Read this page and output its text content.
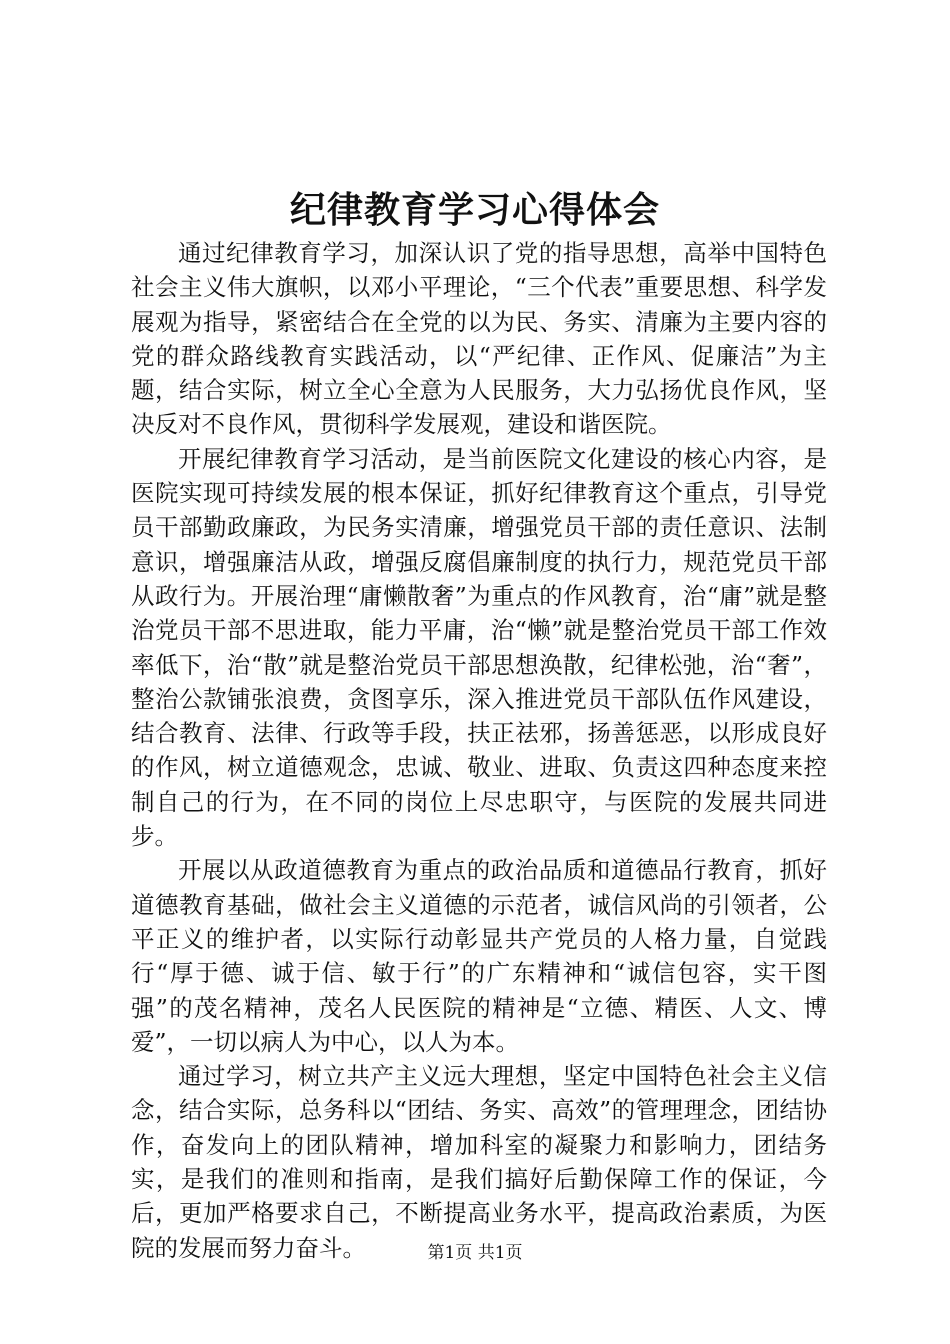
纪律教育学习心得体会

通过纪律教育学习，加深认识了党的指导思想，高举中国特色社会主义伟大旗帜，以邓小平理论，“三个代表”重要思想、科学发展观为指导，紧密结合在全党的以为民、务实、清廉为主要内容的党的群众路线教育实践活动，以“严纪律、正作风、促廉洁”为主题，结合实际，树立全心全意为人民服务，大力弘扬优良作风，坚决反对不良作风，贯彻科学发展观，建设和谐医院。

开展纪律教育学习活动，是当前医院文化建设的核心内容，是医院实现可持续发展的根本保证，抓好纪律教育这个重点，引导党员干部勤政廉政，为民务实清廉，增强党员干部的责任意识、法制意识，增强廉洁从政，增强反腐倡廉制度的执行力，规范党员干部从政行为。开展治理“庸懒散奢”为重点的作风教育，治“庸”就是整治党员干部不思进取，能力平庸，治“懒”就是整治党员干部工作效率低下，治“散”就是整治党员干部思想涣散，纪律松弛，治“奢”，整治公款铺张浪费，贪图享乐，深入推进党员干部队伍作风建设，结合教育、法律、行政等手段，扶正祛邪，扬善惩恶，以形成良好的作风，树立道德观念，忠诚、敬业、进取、负责这四种态度来控制自己的行为，在不同的岗位上尽忠职守，与医院的发展共同进步。

开展以从政道德教育为重点的政治品质和道德品行教育，抓好道德教育基础，做社会主义道德的示范者，诚信风尚的引领者，公平正义的维护者，以实际行动彰显共产党员的人格力量，自觉践行“厚于德、诚于信、敏于行”的广东精神和“诚信包容，实干图强”的茂名精神，茂名人民医院的精神是“立德、精医、人文、博爱”，一切以病人为中心，以人为本。

通过学习，树立共产主义远大理想，坚定中国特色社会主义信念，结合实际，总务科以“团结、务实、高效”的管理理念，团结协作，奋发向上的团队精神，增加科室的凝聚力和影响力，团结务实，是我们的准则和指南，是我们搞好后勤保障工作的保证，今后，更加严格要求自己，不断提高业务水平，提高政治素质，为医院的发展而努力奋斗。	第1页 共1页
